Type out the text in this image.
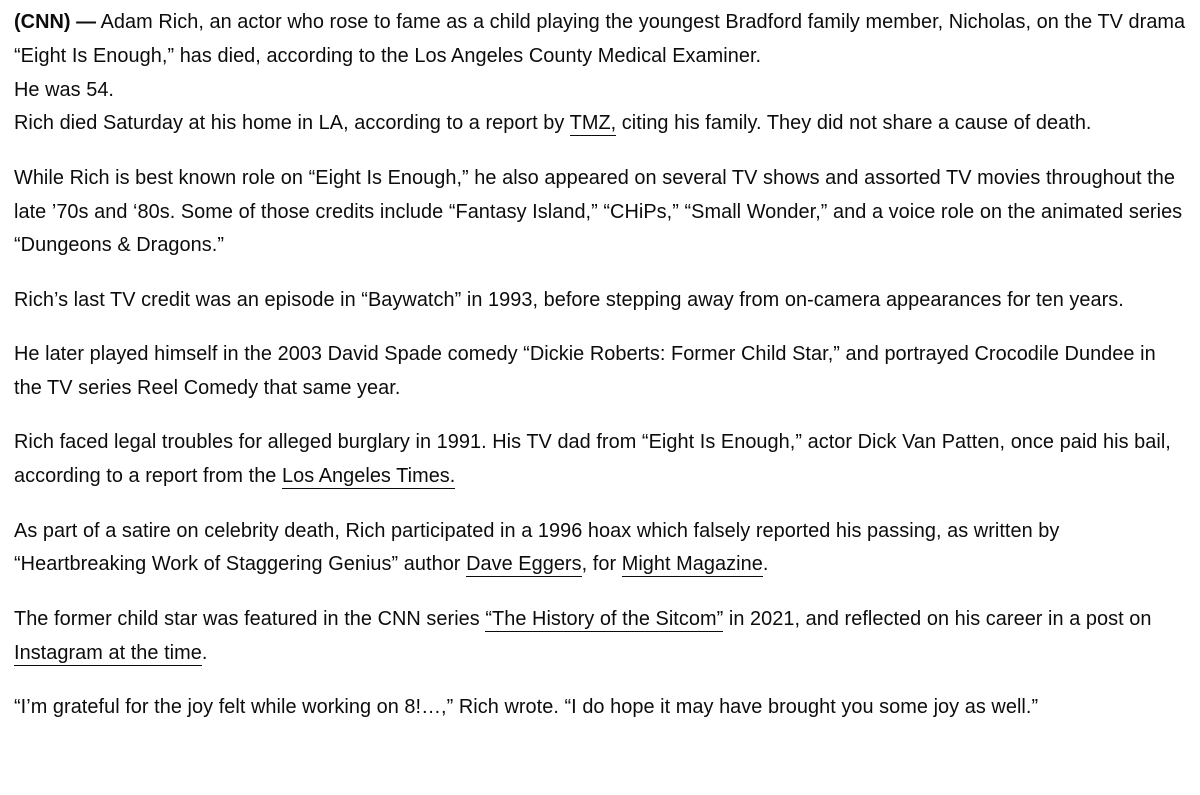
(CNN) — Adam Rich, an actor who rose to fame as a child playing the youngest Bradford family member, Nicholas, on the TV drama “Eight Is Enough,” has died, according to the Los Angeles County Medical Examiner.

He was 54.

Rich died Saturday at his home in LA, according to a report by TMZ, citing his family. They did not share a cause of death.

While Rich is best known role on “Eight Is Enough,” he also appeared on several TV shows and assorted TV movies throughout the late ’70s and ‘80s. Some of those credits include “Fantasy Island,” “CHiPs,” “Small Wonder,” and a voice role on the animated series “Dungeons & Dragons.”

Rich’s last TV credit was an episode in “Baywatch” in 1993, before stepping away from on-camera appearances for ten years.

He later played himself in the 2003 David Spade comedy “Dickie Roberts: Former Child Star,” and portrayed Crocodile Dundee in the TV series Reel Comedy that same year.

Rich faced legal troubles for alleged burglary in 1991. His TV dad from “Eight Is Enough,” actor Dick Van Patten, once paid his bail, according to a report from the Los Angeles Times.

As part of a satire on celebrity death, Rich participated in a 1996 hoax which falsely reported his passing, as written by “Heartbreaking Work of Staggering Genius” author Dave Eggers, for Might Magazine.

The former child star was featured in the CNN series “The History of the Sitcom” in 2021, and reflected on his career in a post on Instagram at the time.

“I’m grateful for the joy felt while working on 8!…,” Rich wrote. “I do hope it may have brought you some joy as well.”
